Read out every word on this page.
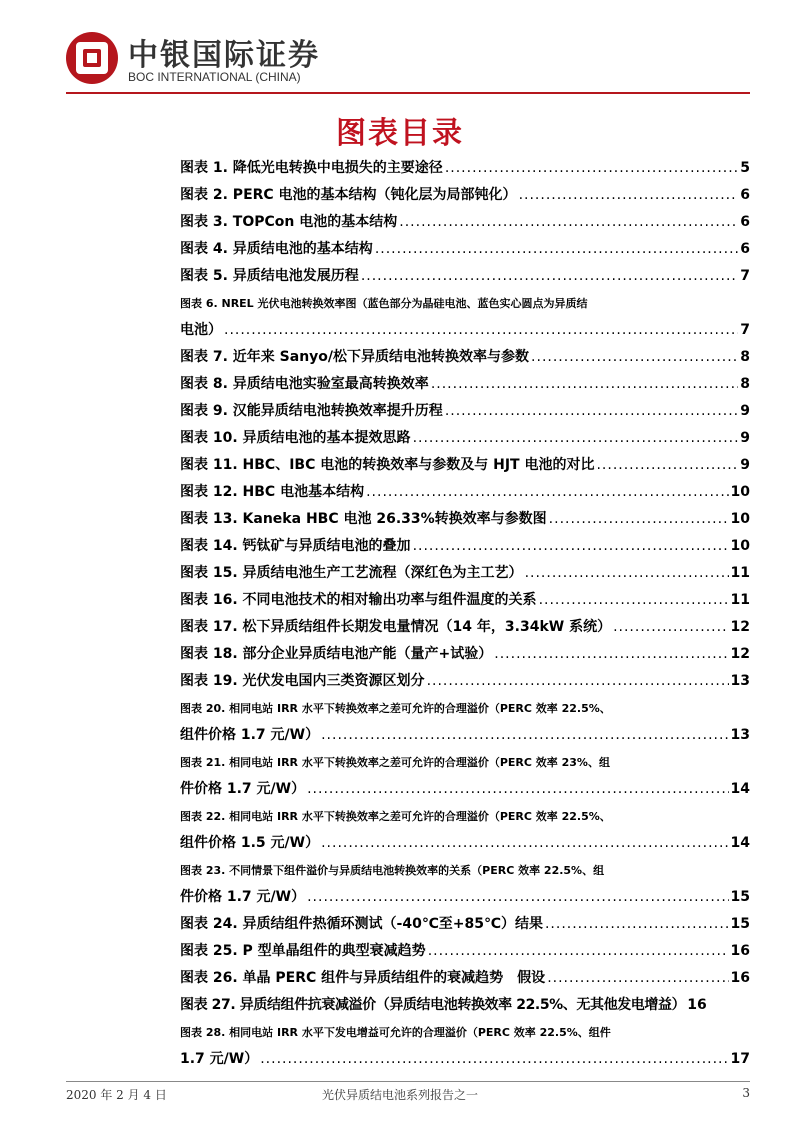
中银国际证券
BOC INTERNATIONAL (CHINA)
图表目录
图表 1. 降低光电转换中电损失的主要途径 .....	5
图表 2. PERC 电池的基本结构（钝化层为局部钝化） .....	6
图表 3. TOPCon 电池的基本结构 .....	6
图表 4. 异质结电池的基本结构 .....	6
图表 5. 异质结电池发展历程 .....	7
图表 6. NREL 光伏电池转换效率图（蓝色部分为晶硅电池、蓝色实心圆点为异质结
电池） .....	7
图表 7. 近年来 Sanyo/松下异质结电池转换效率与参数 .....	8
图表 8. 异质结电池实验室最高转换效率 .....	8
图表 9. 汉能异质结电池转换效率提升历程 .....	9
图表 10. 异质结电池的基本提效思路 .....	9
图表 11. HBC、IBC 电池的转换效率与参数及与 HJT 电池的对比 .....	9
图表 12. HBC 电池基本结构 .....	10
图表 13. Kaneka HBC 电池 26.33%转换效率与参数图 .....	10
图表 14. 钙钛矿与异质结电池的叠加 .....	10
图表 15. 异质结电池生产工艺流程（深红色为主工艺） .....	11
图表 16. 不同电池技术的相对输出功率与组件温度的关系 .....	11
图表 17. 松下异质结组件长期发电量情况（14 年，3.34kW 系统） .....	12
图表 18. 部分企业异质结电池产能（量产+试验） .....	12
图表 19. 光伏发电国内三类资源区划分 .....	13
图表 20. 相同电站 IRR 水平下转换效率之差可允许的合理溢价（PERC 效率 22.5%、
组件价格 1.7 元/W） .....	13
图表 21. 相同电站 IRR 水平下转换效率之差可允许的合理溢价（PERC 效率 23%、组
件价格 1.7 元/W） .....	14
图表 22. 相同电站 IRR 水平下转换效率之差可允许的合理溢价（PERC 效率 22.5%、
组件价格 1.5 元/W） .....	14
图表 23. 不同情景下组件溢价与异质结电池转换效率的关系（PERC 效率 22.5%、组
件价格 1.7 元/W） .....	15
图表 24. 异质结组件热循环测试（-40℃至+85℃）结果 .....	15
图表 25. P 型单晶组件的典型衰减趋势 .....	16
图表 26. 单晶 PERC 组件与异质结组件的衰减趋势　假设 .....	16
图表 27. 异质结组件抗衰减溢价（异质结电池转换效率 22.5%、无其他发电增益） 16
图表 28. 相同电站 IRR 水平下发电增益可允许的合理溢价（PERC 效率 22.5%、组件
1.7 元/W） .....	17
2020 年 2 月 4 日	光伏异质结电池系列报告之一	3
